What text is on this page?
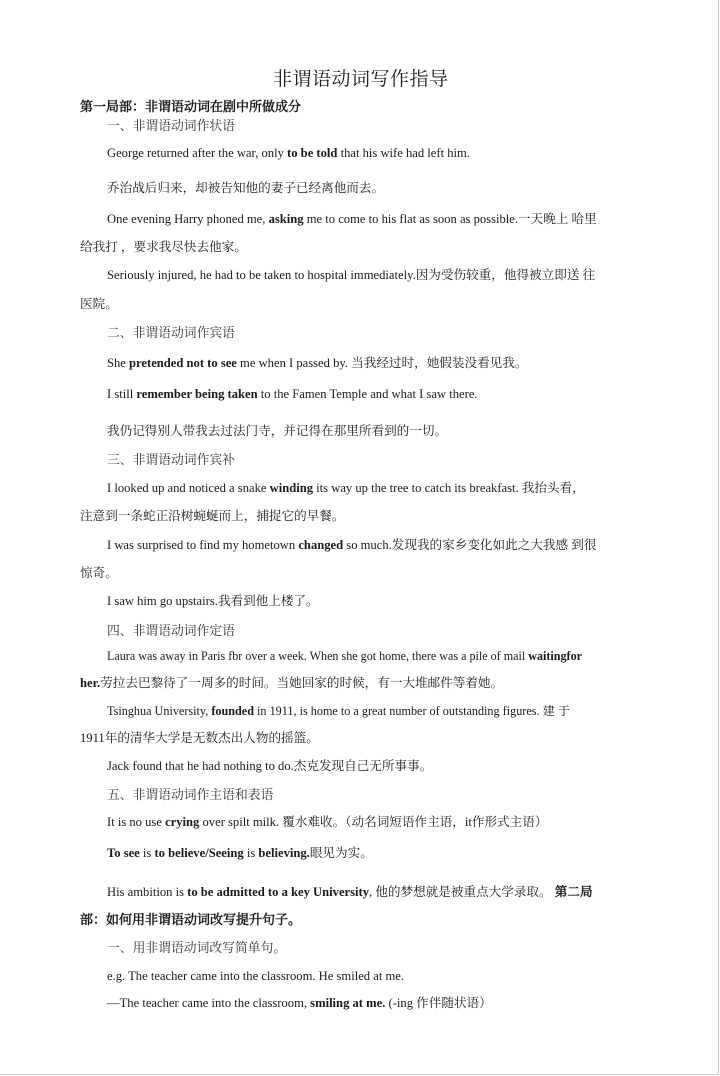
非谓语动词写作指导
第一局部：非谓语动词在剧中所做成分
一、非谓语动词作状语
George returned after the war, only to be told that his wife had left him.
乔治战后归来，却被告知他的妻子已经离他而去。
One evening Harry phoned me, asking me to come to his flat as soon as possible.一天晚上 哈里
给我打 ，要求我尽快去他家。
Seriously injured, he had to be taken to hospital immediately.因为受伤较重，他得被立即送 往
医院。
二、非谓语动词作宾语
She pretended not to see me when I passed by. 当我经过时，她假装没看见我。
I still remember being taken to the Famen Temple and what I saw there.
我仍记得别人带我去过法门寺，并记得在那里所看到的一切。
三、非谓语动词作宾补
I looked up and noticed a snake winding its way up the tree to catch its breakfast. 我抬头看，
注意到一条蛇正沿树蜿蜒而上，捕捉它的早餐。
I was surprised to find my hometown changed so much.发现我的家乡变化如此之大我感 到很
惊奇。
I saw him go upstairs.我看到他上楼了。
四、非谓语动词作定语
Laura was away in Paris fbr over a week. When she got home, there was a pile of mail waitingfor
her.劳拉去巴黎待了一周多的时间。当她回家的时候，有一大堆邮件等着她。
Tsinghua University, founded in 1911, is home to a great number of outstanding figures. 建 于
1911年的清华大学是无数杰出人物的摇篮。
Jack found that he had nothing to do.杰克发现自己无所事事。
五、非谓语动词作主语和表语
It is no use crying over spilt milk. 覆水难收。（动名词短语作主语，it作形式主语）
To see is to believe/Seeing is believing.眼见为实。
His ambition is to be admitted to a key University, 他的梦想就是被重点大学录取。 第二局
部：如何用非谓语动词改写提升句子。
一、用非谓语动词改写简单句。
e.g. The teacher came into the classroom. He smiled at me.
—The teacher came into the classroom, smiling at me. (-ing 作伴随状语）
